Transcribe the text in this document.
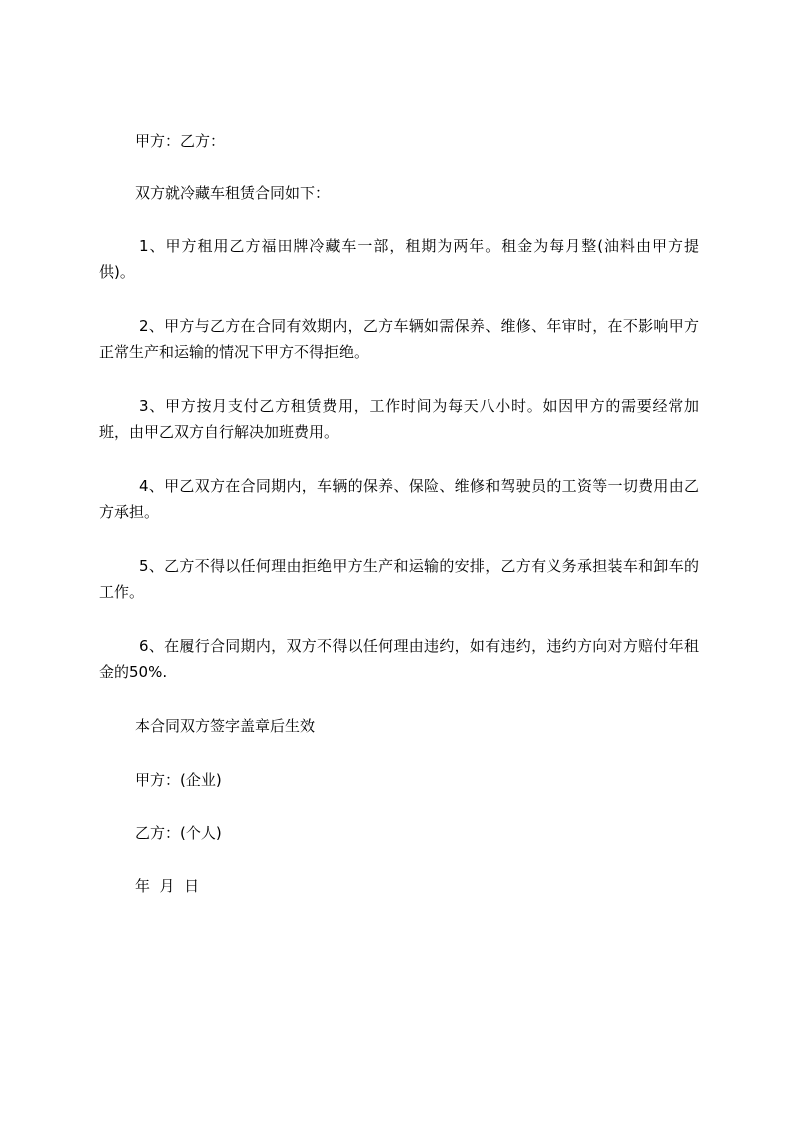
甲方：乙方：

双方就冷藏车租赁合同如下：

1、甲方租用乙方福田牌冷藏车一部，租期为两年。租金为每月整(油料由甲方提供)。

2、甲方与乙方在合同有效期内，乙方车辆如需保养、维修、年审时，在不影响甲方正常生产和运输的情况下甲方不得拒绝。

3、甲方按月支付乙方租赁费用，工作时间为每天八小时。如因甲方的需要经常加班，由甲乙双方自行解决加班费用。

4、甲乙双方在合同期内，车辆的保养、保险、维修和驾驶员的工资等一切费用由乙方承担。

5、乙方不得以任何理由拒绝甲方生产和运输的安排，乙方有义务承担装车和卸车的工作。

6、在履行合同期内，双方不得以任何理由违约，如有违约，违约方向对方赔付年租金的50%.

本合同双方签字盖章后生效

甲方：(企业)

乙方：(个人)

年  月  日
